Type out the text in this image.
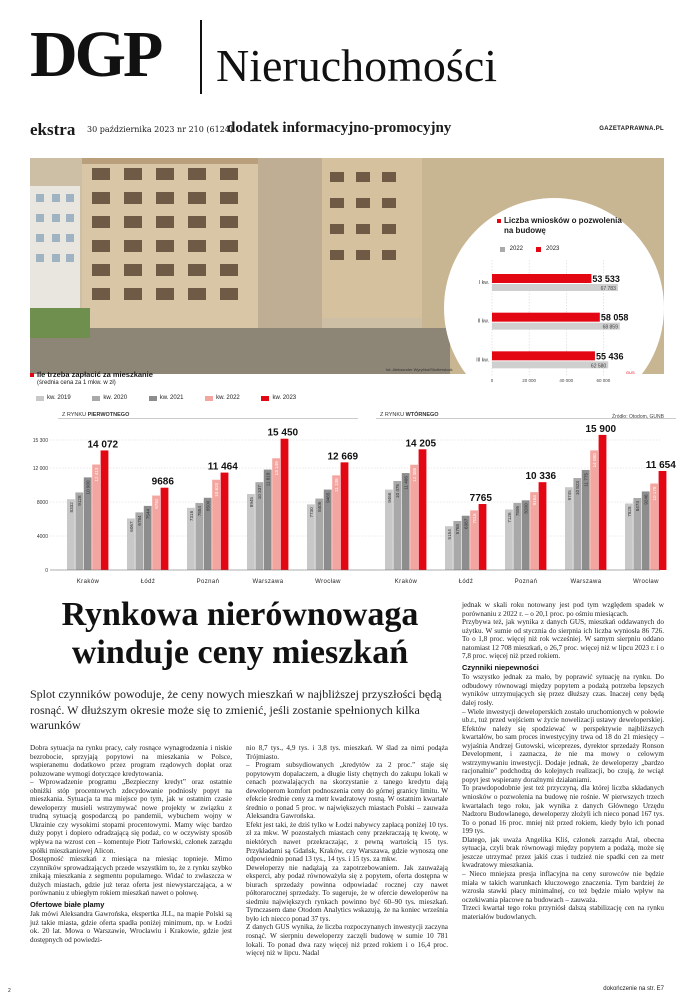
DGP Nieruchomości
ekstra 30 października 2023 nr 210 (6124)
dodatek informacyjno-promocyjny	GAZETAPRAWNA.PL
fot. Aleksander Wyrybka/Shutterstock
Liczba wniosków o pozwolenia na budowę
2022	2023
0	20 000	40 000	60 000
I kw.	53 533
67 783
II kw.	58 058
68 859
III kw.	55 436
62 580
GUS
Ile trzeba zapłacić za mieszkanie
(średnia cena za 1 mkw. w zł)
kw. 2019	kw. 2020	kw. 2021	kw. 2022	kw. 2023
Źródło: Otodom, GUNB
15 300
12 000
8000
4000
0
Z RYNKU PIERWOTNEGO
8332
9128
10 900
12 413
14 072
Kraków
6067
6784
7544
8762
9686
Łódź
7316 7884
8500
10 620
11 464
Poznań
8945
10 337
11 818
13 149
15 450
Warszawa
7730
8406
9465
11 138
12 669
Wrocław
Z RYNKU WTÓRNEGO
9466 10 476
11 406
12 385
14 205
Kraków
5154
5768
6387
7018
7765
Łódź
7126
7895 8200
9163
10 336
Poznań
9745
10 823
11 775
14 080
15 900
Warszawa
7828
8474
9246 10 178
11 654
Wrocław
Rynkowa nierównowaga winduje ceny mieszkań

Splot czynników powoduje, że ceny nowych mieszkań w najbliższej przyszłości będą rosnąć. W dłuższym okresie może się to zmienić, jeśli zostanie spełnionych kilka warunków

Dobra sytuacja na rynku pracy, cały rosnące wynagrodzenia i niskie bezrobocie, sprzyjają popytowi na mieszkania w Polsce, wspieranemu dodatkowo przez program rządowych dopłat oraz poluzowane wymogi dotyczące kredytowania.

– Wprowadzenie programu „Bezpieczny kredyt” oraz ostatnie obniżki stóp procentowych zdecydowanie podniosły popyt na mieszkania. Sytuacja ta ma miejsce po tym, jak w ostatnim czasie deweloperzy musieli wstrzymywać nowe projekty w związku z trudną sytuacją gospodarczą po pandemii, wybuchem wojny w Ukrainie czy wysokimi stopami procentowymi. Mamy więc bardzo duży popyt i dopiero odradzającą się podaż, co w oczywisty sposób wpływa na wzrost cen – komentuje Piotr Tarłowski, członek zarządu spółki mieszkaniowej Alicon.

Dostępność mieszkań z miesiąca na miesiąc topnieje. Mimo czynników sprowadzających przede wszystkim to, że z rynku szybko znikają mieszkania z segmentu popularnego. Widać to zwłaszcza w dużych miastach, gdzie już teraz oferta jest niewystarczająca, a w porównaniu z ubiegłym rokiem mieszkań nawet o połowę.

Ofertowe białe plamy

Jak mówi Aleksandra Gawrońska, ekspertka JLL, na mapie Polski są już takie miasta, gdzie oferta spadła poniżej minimum, np. w Łodzi ok. 20 lat. Mowa o Warszawie, Wrocławiu i Krakowie, gdzie jest dostępnych od powiedzi-

nio 8,7 tys., 4,9 tys. i 3,8 tys. mieszkań. W ślad za nimi podąża Trójmiasto.

– Program subsydiowanych „kredytów za 2 proc.” staje się popytowym dopalaczem, a długie listy chętnych do zakupu lokali w cenach pozwalających na skorzystanie z tanego kredytu dają deweloperom komfort podnoszenia ceny do górnej granicy limitu. W efekcie średnie ceny za metr kwadratowy rosną. W ostatnim kwartale średnio o ponad 5 proc. w największych miastach Polski – zauważa Aleksandra Gawrońska.

Efekt jest taki, że dziś tylko w Łodzi nabywcy zapłacą poniżej 10 tys. zł za mkw. W pozostałych miastach ceny przekraczają tę kwotę, w niektórych nawet przekraczając, z pewną wartością 15 tys. Przykładami są Gdańsk, Kraków, czy Warszawa, gdzie wynoszą one odpowiednio ponad 13 tys., 14 tys. i 15 tys. za mkw.

Deweloperzy nie nadążają za zapotrzebowaniem. Jak zauważają eksperci, aby podaż równoważyła się z popytem, oferta dostępna w biurach sprzedaży powinna odpowiadać rocznej czy nawet półtorarocznej sprzedaży. To sugeruje, że w ofercie deweloperów na siedmiu największych rynkach powinno być 60–90 tys. mieszkań. Tymczasem dane Otodom Analytics wskazują, że na koniec września było ich niecco ponad 37 tys.

Z danych GUS wynika, że liczba rozpoczynanych inwestycji zaczyna rosnąć. W sierpniu deweloperzy zaczęli budowę w sumie 10 781 lokali. To ponad dwa razy więcej niż przed rokiem i o 16,4 proc. więcej niż w lipcu. Nadal

jednak w skali roku notowany jest pod tym względem spadek w porównaniu z 2022 r. – o 20,1 proc. po ośmiu miesiącach.

Przybywa też, jak wynika z danych GUS, mieszkań oddawanych do użytku. W sumie od stycznia do sierpnia ich liczba wyniosła 86 726. To o 1,8 proc. więcej niż rok wcześniej. W samym sierpniu oddano natomiast 12 708 mieszkań, o 26,7 proc. więcej niż w lipcu 2023 r. i o 7,8 proc. więcej niż przed rokiem.

Czynniki niepewności

To wszystko jednak za mało, by poprawić sytuację na rynku. Do odbudowy równowagi między popytem a podażą potrzeba lepszych wyników utrzymujących się przez dłuższy czas. Inaczej ceny będą dalej rosły.

– Wiele inwestycji deweloperskich zostało uruchomionych w połowie ub.r., tuż przed wejściem w życie nowelizacji ustawy deweloperskiej. Efektów należy się spodziewać w perspektywie najbliższych kwartałów, bo sam proces inwestycyjny trwa od 18 do 21 miesięcy – wyjaśnia Andrzej Gutowski, wiceprezes, dyrektor sprzedaży Ronson Development, i zaznacza, że nie ma mowy o celowym wstrzymywaniu inwestycji. Dodaje jednak, że deweloperzy „bardzo racjonalnie” podchodzą do kolejnych realizacji, bo czują, że wciąż popyt jest wspierany doraźnymi działaniami.

To prawdopodobnie jest też przyczyną, dla której liczba składanych wniosków o pozwolenia na budowę nie rośnie. W pierwszych trzech kwartałach tego roku, jak wynika z danych Głównego Urzędu Nadzoru Budowlanego, deweloperzy złożyli ich nieco ponad 167 tys. To o ponad 16 proc. mniej niż przed rokiem, kiedy było ich ponad 199 tys.

Dlatego, jak uważa Angelika Kliś, członek zarządu Atal, obecna sytuacja, czyli brak równowagi między popytem a podażą, może się jeszcze utrzymać przez jakiś czas i tudzież nie spadki cen za metr kwadratowy mieszkania.

– Nieco mniejsza presja inflacyjna na ceny surowców nie będzie miała w takich warunkach kluczowego znaczenia. Tym bardziej że wzrosła stawki płacy minimalnej, co też będzie miało wpływ na oczekiwania płacowe na budowach – zauważa.

Trzeci kwartał tego roku przyniósł dalszą stabilizację cen na rynku materiałów budowlanych.

dokończenie na str. E7
2
